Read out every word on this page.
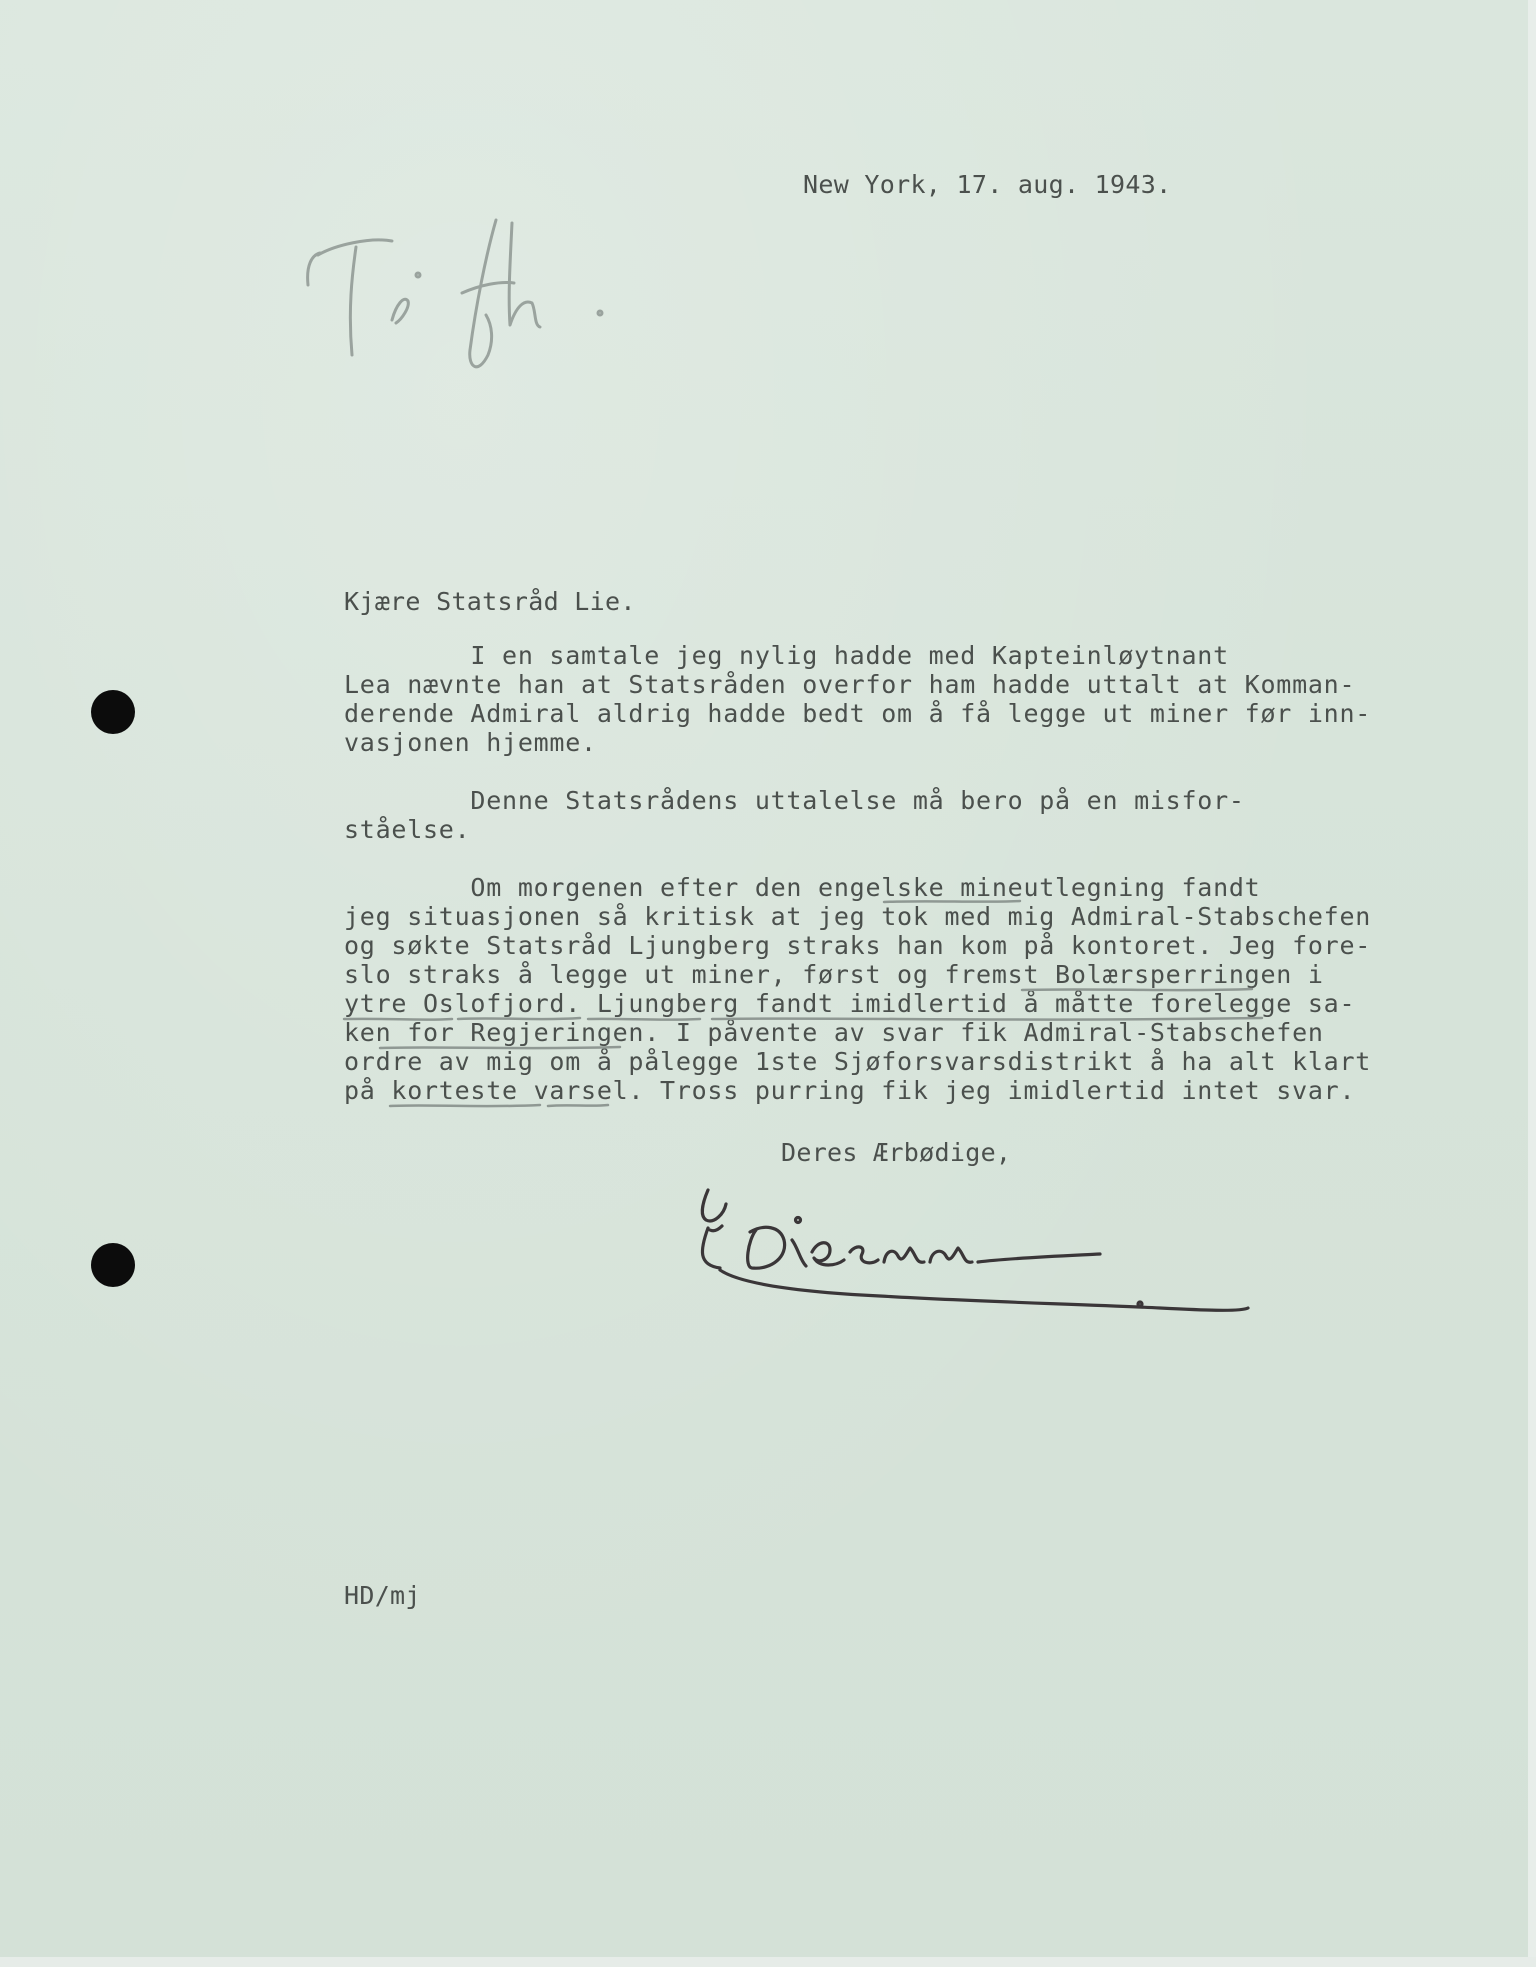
New York, 17. aug. 1943.
Kjære Statsråd Lie.
I en samtale jeg nylig hadde med Kapteinløytnant
Lea nævnte han at Statsråden overfor ham hadde uttalt at Komman-
derende Admiral aldrig hadde bedt om å få legge ut miner før inn-
vasjonen hjemme.
Denne Statsrådens uttalelse må bero på en misfor-
ståelse.
Om morgenen efter den engelske mineutlegning fandt
jeg situasjonen så kritisk at jeg tok med mig Admiral-Stabschefen
og søkte Statsråd Ljungberg straks han kom på kontoret. Jeg fore-
slo straks å legge ut miner, først og fremst Bolærsperringen i
ytre Oslofjord. Ljungberg fandt imidlertid å måtte forelegge sa-
ken for Regjeringen. I påvente av svar fik Admiral-Stabschefen
ordre av mig om å pålegge 1ste Sjøforsvarsdistrikt å ha alt klart
på korteste varsel. Tross purring fik jeg imidlertid intet svar.
Deres Ærbødige,
HD/mj
